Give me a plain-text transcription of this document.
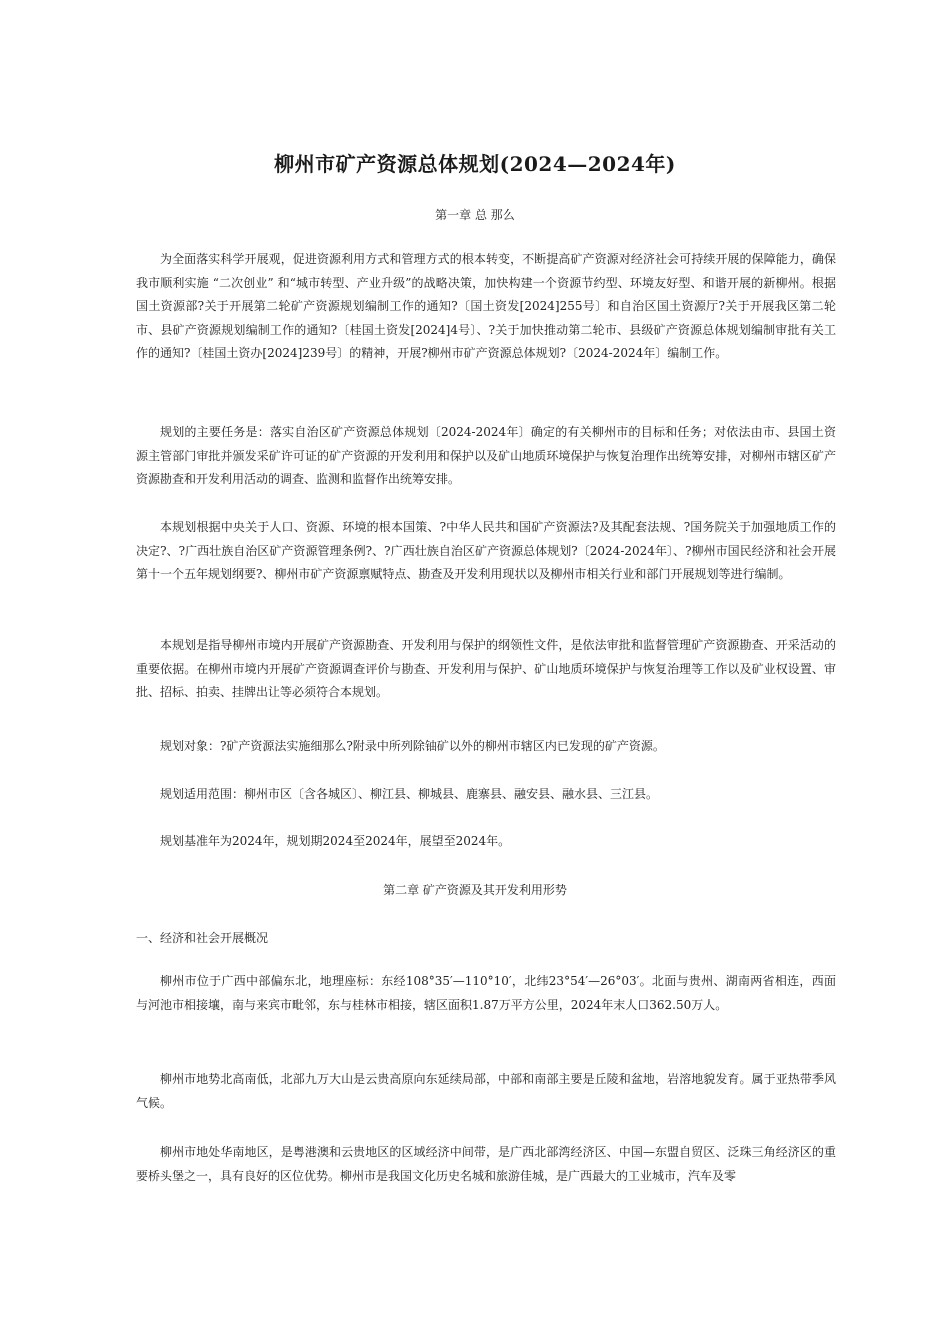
柳州市矿产资源总体规划(2024—2024年)
第一章 总 那么

为全面落实科学开展观，促进资源利用方式和管理方式的根本转变，不断提高矿产资源对经济社会可持续开展的保障能力，确保我市顺利实施 “二次创业” 和“城市转型、产业升级”的战略决策，加快构建一个资源节约型、环境友好型、和谐开展的新柳州。根据国土资源部?关于开展第二轮矿产资源规划编制工作的通知?〔国土资发[2024]255号〕和自治区国土资源厅?关于开展我区第二轮市、县矿产资源规划编制工作的通知?〔桂国土资发[2024]4号〕、?关于加快推动第二轮市、县级矿产资源总体规划编制审批有关工作的通知?〔桂国土资办[2024]239号〕的精神，开展?柳州市矿产资源总体规划?〔2024-2024年〕编制工作。

规划的主要任务是：落实自治区矿产资源总体规划〔2024-2024年〕确定的有关柳州市的目标和任务；对依法由市、县国土资源主管部门审批并颁发采矿许可证的矿产资源的开发利用和保护以及矿山地质环境保护与恢复治理作出统筹安排，对柳州市辖区矿产资源勘查和开发利用活动的调查、监测和监督作出统筹安排。

本规划根据中央关于人口、资源、环境的根本国策、?中华人民共和国矿产资源法?及其配套法规、?国务院关于加强地质工作的决定?、?广西壮族自治区矿产资源管理条例?、?广西壮族自治区矿产资源总体规划?〔2024-2024年〕、?柳州市国民经济和社会开展第十一个五年规划纲要?、柳州市矿产资源禀赋特点、勘查及开发利用现状以及柳州市相关行业和部门开展规划等进行编制。

本规划是指导柳州市境内开展矿产资源勘查、开发利用与保护的纲领性文件，是依法审批和监督管理矿产资源勘查、开采活动的重要依据。在柳州市境内开展矿产资源调查评价与勘查、开发利用与保护、矿山地质环境保护与恢复治理等工作以及矿业权设置、审批、招标、拍卖、挂牌出让等必须符合本规划。

规划对象：?矿产资源法实施细那么?附录中所列除铀矿以外的柳州市辖区内已发现的矿产资源。

规划适用范围：柳州市区〔含各城区〕、柳江县、柳城县、鹿寨县、融安县、融水县、三江县。

规划基准年为2024年，规划期2024至2024年，展望至2024年。

第二章 矿产资源及其开发利用形势
一、经济和社会开展概况

柳州市位于广西中部偏东北，地理座标：东经108°35′—110°10′，北纬23°54′—26°03′。北面与贵州、湖南两省相连，西面与河池市相接壤，南与来宾市毗邻，东与桂林市相接，辖区面积1.87万平方公里，2024年末人口362.50万人。

柳州市地势北高南低，北部九万大山是云贵高原向东延续局部，中部和南部主要是丘陵和盆地，岩溶地貌发育。属于亚热带季风气候。

柳州市地处华南地区，是粤港澳和云贵地区的区域经济中间带，是广西北部湾经济区、中国—东盟自贸区、泛珠三角经济区的重要桥头堡之一，具有良好的区位优势。柳州市是我国文化历史名城和旅游佳城，是广西最大的工业城市，汽车及零
